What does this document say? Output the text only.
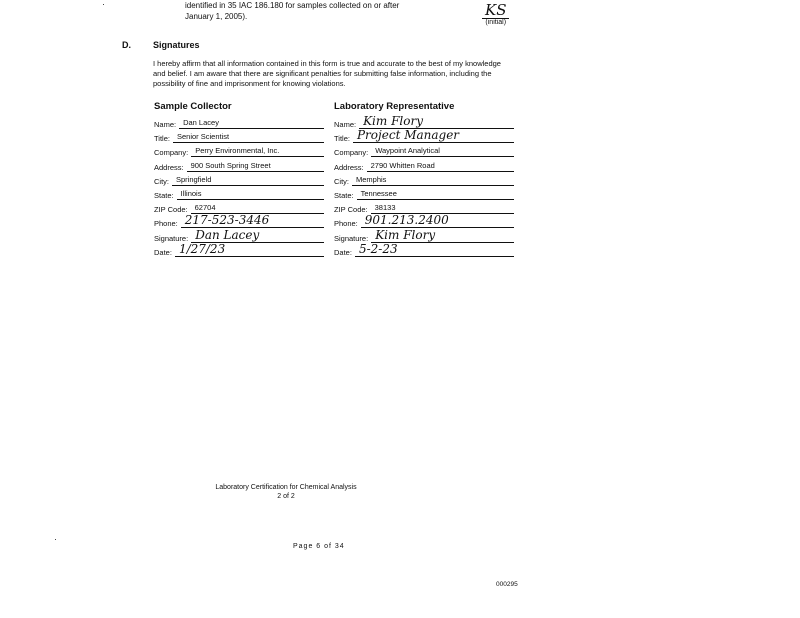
identified in 35 IAC 186.180 for samples collected on or after
January 1, 2005).	KS
(initial)
D. Signatures
I hereby affirm that all information contained in this form is true and accurate to the best of my knowledge and belief. I am aware that there are significant penalties for submitting false information, including the possibility of fine and imprisonment for knowing violations.
Sample Collector	Laboratory Representative
Name: Dan Lacey
Title: Senior Scientist
Company: Perry Environmental, Inc.
Address: 900 South Spring Street
City: Springfield
State: Illinois
ZIP Code: 62704
Phone: 217-523-3446
Signature: Dan Lacey
Date: 1/27/23
Name: Kim Flory
Title: Project Manager
Company: Waypoint Analytical
Address: 2790 Whitten Road
City: Memphis
State: Tennessee
ZIP Code: 38133
Phone: 901.213.2400
Signature: Kim Flory
Date: 5-2-23
Laboratory Certification for Chemical Analysis
2 of 2
Page 6 of 34
000295
